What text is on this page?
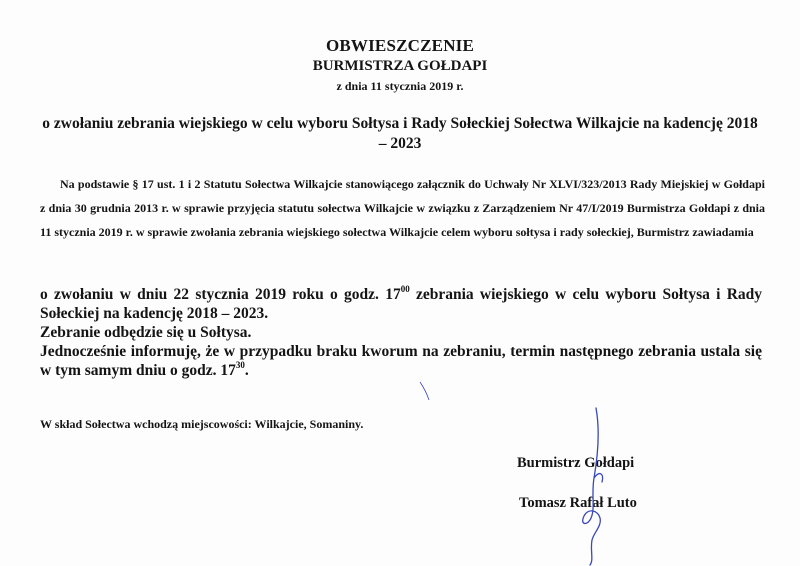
OBWIESZCZENIE
BURMISTRZA GOŁDAPI
z dnia 11 stycznia 2019 r.
o zwołaniu zebrania wiejskiego w celu wyboru Sołtysa i Rady Sołeckiej Sołectwa Wilkajcie na kadencję 2018 – 2023
Na podstawie § 17 ust. 1 i 2 Statutu Sołectwa Wilkajcie stanowiącego załącznik do Uchwały Nr XLVI/323/2013 Rady Miejskiej w Gołdapi z dnia 30 grudnia 2013 r. w sprawie przyjęcia statutu sołectwa Wilkajcie w związku z Zarządzeniem Nr 47/I/2019 Burmistrza Gołdapi z dnia 11 stycznia 2019 r. w sprawie zwołania zebrania wiejskiego sołectwa Wilkajcie celem wyboru sołtysa i rady sołeckiej, Burmistrz zawiadamia

o zwołaniu w dniu 22 stycznia 2019 roku o godz. $17^{00}$ zebrania wiejskiego w celu wyboru Sołtysa i Rady Sołeckiej na kadencję 2018 – 2023.

Zebranie odbędzie się u Sołtysa.

Jednocześnie informuję, że w przypadku braku kworum na zebraniu, termin następnego zebrania ustala się w tym samym dniu o godz. $17^{30}$.

W skład Sołectwa wchodzą miejscowości: Wilkajcie, Somaniny.
Burmistrz Gołdapi
Tomasz Rafał Luto
